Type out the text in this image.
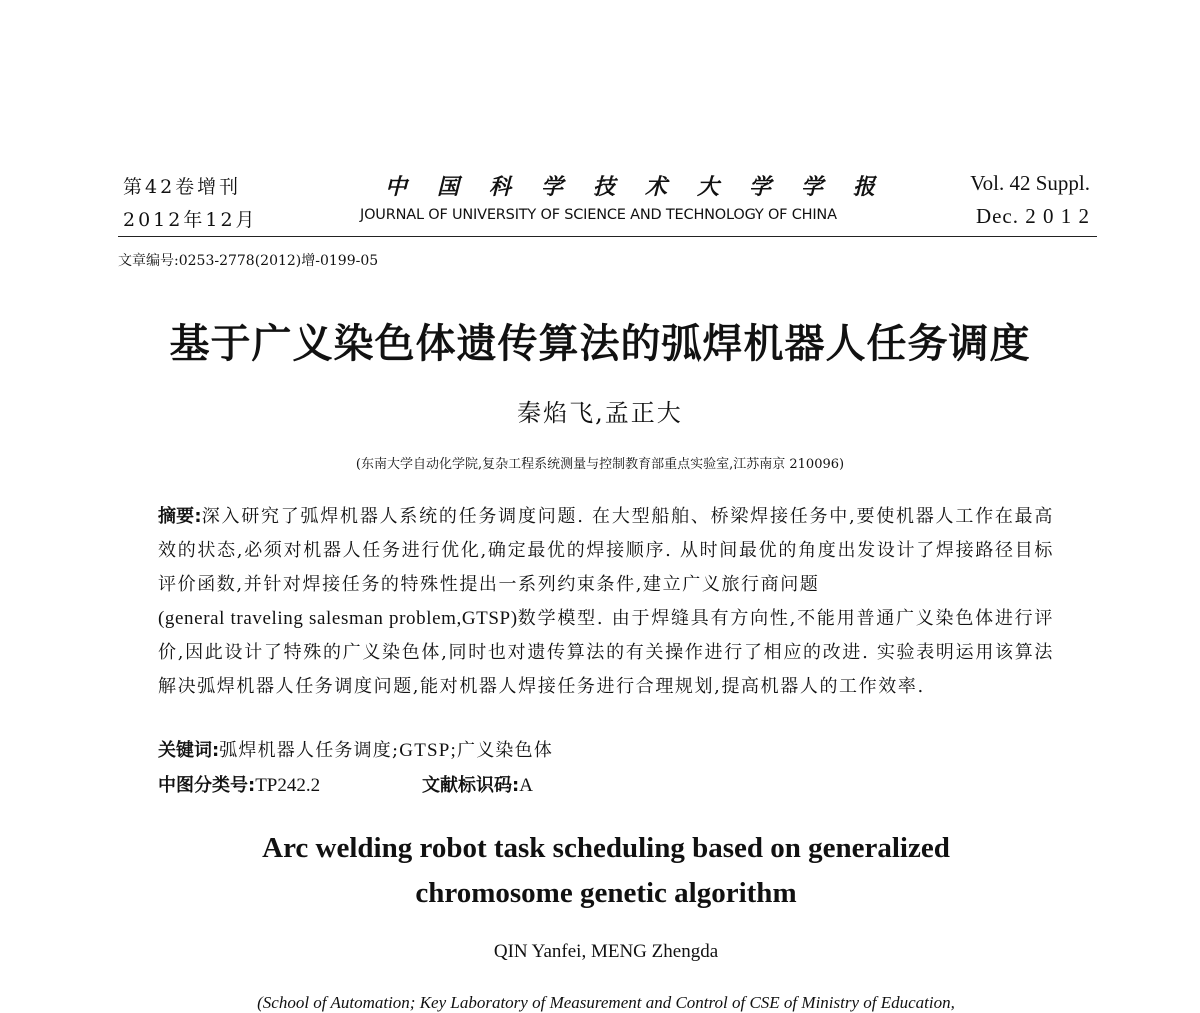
第42卷增刊
2012年12月
中国科学技术大学学报
JOURNAL OF UNIVERSITY OF SCIENCE AND TECHNOLOGY OF CHINA
Vol. 42 Suppl.
Dec. 2 0 1 2
文章编号:0253-2778(2012)增-0199-05
基于广义染色体遗传算法的弧焊机器人任务调度
秦焰飞,孟正大
(东南大学自动化学院,复杂工程系统测量与控制教育部重点实验室,江苏南京 210096)
摘要:深入研究了弧焊机器人系统的任务调度问题. 在大型船舶、桥梁焊接任务中,要使机器人工作在最高效的状态,必须对机器人任务进行优化,确定最优的焊接顺序. 从时间最优的角度出发设计了焊接路径目标评价函数,并针对焊接任务的特殊性提出一系列约束条件,建立广义旅行商问题
(general traveling salesman problem,GTSP)数学模型. 由于焊缝具有方向性,不能用普通广义染色体进行评价,因此设计了特殊的广义染色体,同时也对遗传算法的有关操作进行了相应的改进. 实验表明运用该算法解决弧焊机器人任务调度问题,能对机器人焊接任务进行合理规划,提高机器人的工作效率.
关键词:弧焊机器人任务调度;GTSP;广义染色体
中图分类号:TP242.2	文献标识码:A
Arc welding robot task scheduling based on generalized
chromosome genetic algorithm
QIN Yanfei, MENG Zhengda
(School of Automation; Key Laboratory of Measurement and Control of CSE of Ministry of Education,
